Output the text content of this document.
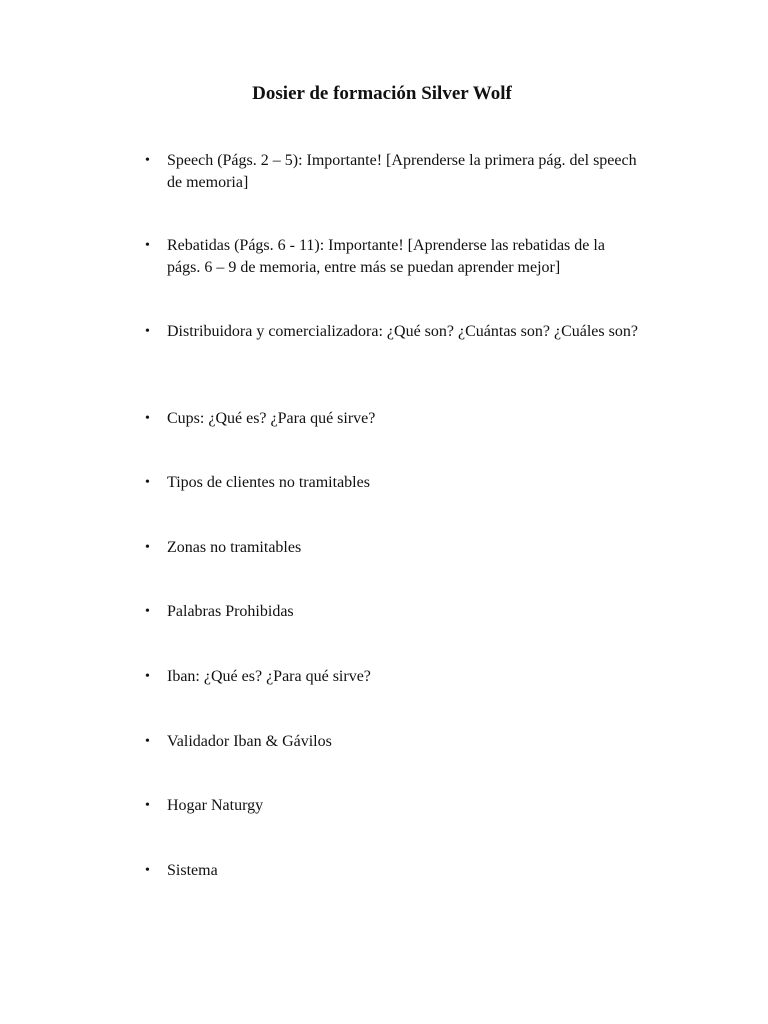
Dosier de formación Silver Wolf
• Speech (Págs. 2 – 5): Importante! [Aprenderse la primera pág. del speech de memoria]
• Rebatidas (Págs. 6 - 11): Importante! [Aprenderse las rebatidas de la págs. 6 – 9 de memoria, entre más se puedan aprender mejor]
• Distribuidora y comercializadora: ¿Qué son? ¿Cuántas son? ¿Cuáles son?
• Cups: ¿Qué es? ¿Para qué sirve?
• Tipos de clientes no tramitables
• Zonas no tramitables
• Palabras Prohibidas
• Iban: ¿Qué es? ¿Para qué sirve?
• Validador Iban & Gávilos
• Hogar Naturgy
• Sistema
